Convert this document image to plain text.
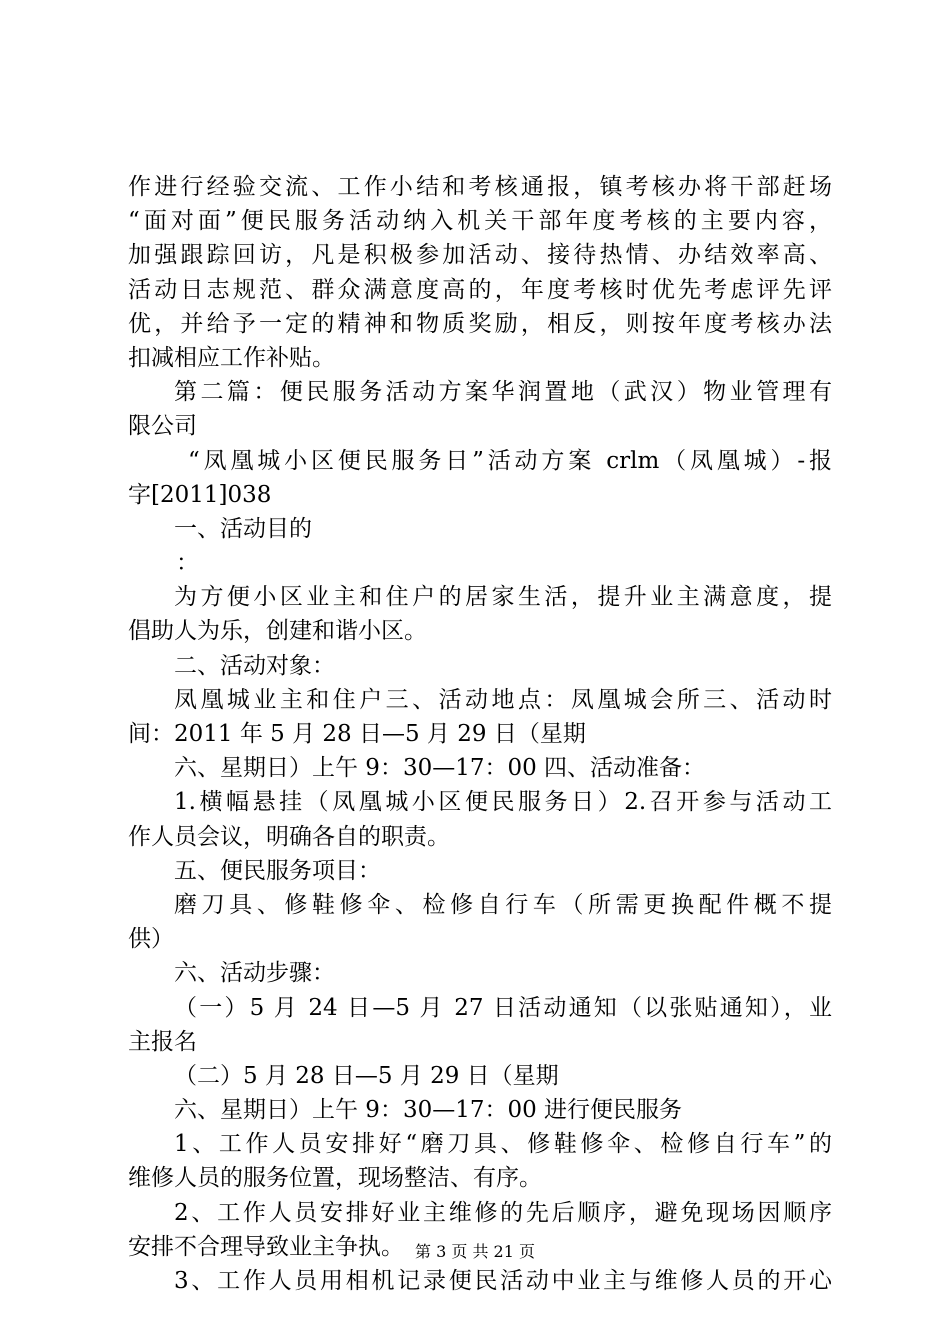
作进行经验交流、工作小结和考核通报，镇考核办将干部赶场
“面对面”便民服务活动纳入机关干部年度考核的主要内容，
加强跟踪回访，凡是积极参加活动、接待热情、办结效率高、
活动日志规范、群众满意度高的，年度考核时优先考虑评先评
优，并给予一定的精神和物质奖励，相反，则按年度考核办法
扣减相应工作补贴。
第二篇：便民服务活动方案华润置地（武汉）物业管理有
限公司
“凤凰城小区便民服务日”活动方案 crlm（凤凰城）-报
字[2011]038
一、活动目的
：
为方便小区业主和住户的居家生活，提升业主满意度，提
倡助人为乐，创建和谐小区。
二、活动对象：
凤凰城业主和住户三、活动地点：凤凰城会所三、活动时
间：2011 年 5 月 28 日—5 月 29 日（星期
六、星期日）上午 9：30—17：00 四、活动准备：
1.横幅悬挂（凤凰城小区便民服务日）2.召开参与活动工
作人员会议，明确各自的职责。
五、便民服务项目：
磨刀具、修鞋修伞、检修自行车（所需更换配件概不提
供）
六、活动步骤：
（一）5 月 24 日—5 月 27 日活动通知（以张贴通知），业
主报名
（二）5 月 28 日—5 月 29 日（星期
六、星期日）上午 9：30—17：00 进行便民服务
1、工作人员安排好“磨刀具、修鞋修伞、检修自行车”的
维修人员的服务位置，现场整洁、有序。
2、工作人员安排好业主维修的先后顺序，避免现场因顺序
安排不合理导致业主争执。
3、工作人员用相机记录便民活动中业主与维修人员的开心
第 3 页 共 21 页
